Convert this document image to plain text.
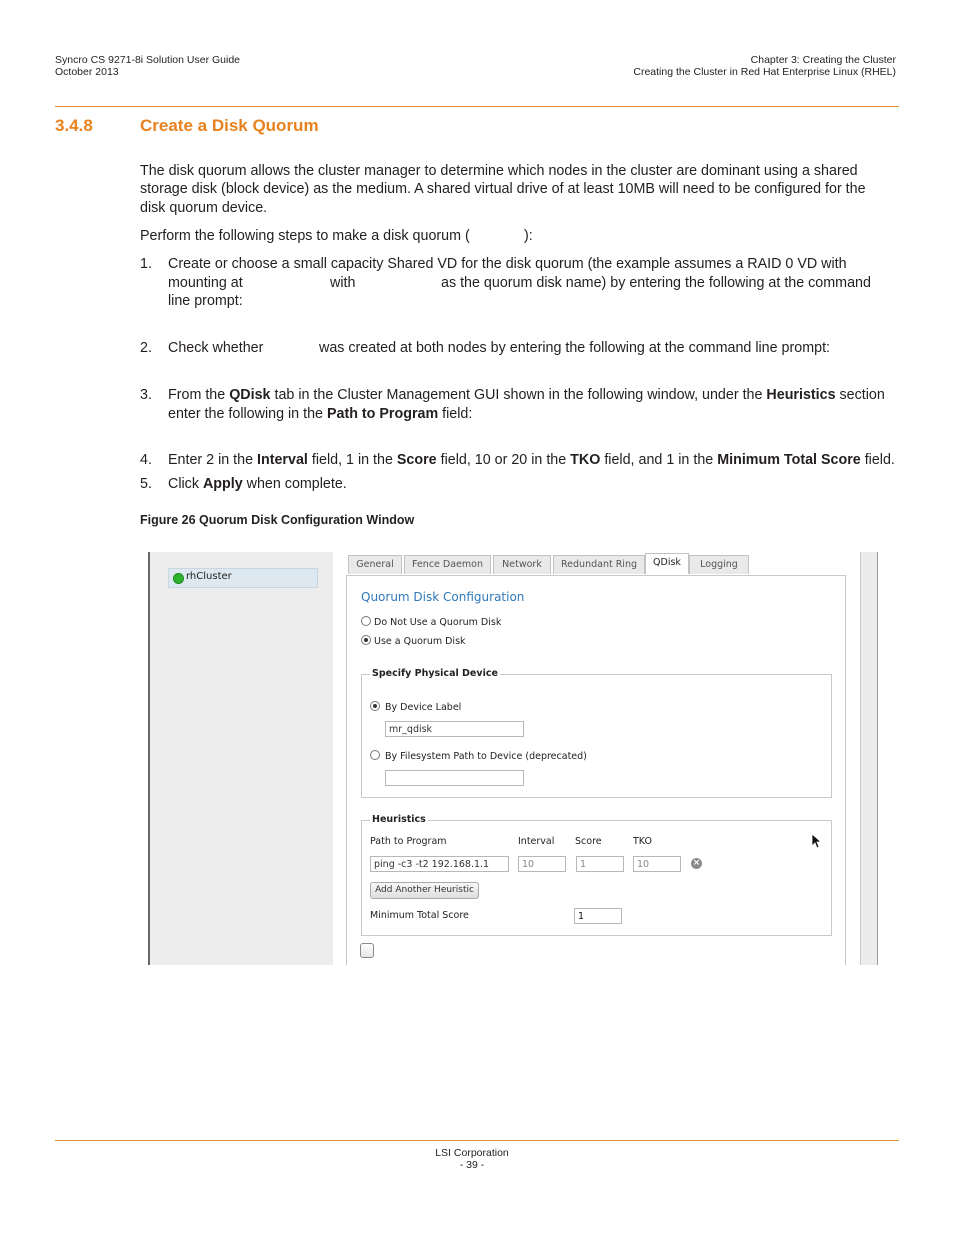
Syncro CS 9271-8i Solution User Guide
October 2013
Chapter 3: Creating the Cluster
Creating the Cluster in Red Hat Enterprise Linux (RHEL)
3.4.8	Create a Disk Quorum
The disk quorum allows the cluster manager to determine which nodes in the cluster are dominant using a shared
storage disk (block device) as the medium. A shared virtual drive of at least 10MB will need to be configured for the
disk quorum device.
Perform the following steps to make a disk quorum (	):
1. Create or choose a small capacity Shared VD for the disk quorum (the example assumes a RAID 0 VD with
mounting at	with	as the quorum disk name) by entering the following at the command
line prompt:
2. Check whether	was created at both nodes by entering the following at the command line prompt:
3. From the QDisk tab in the Cluster Management GUI shown in the following window, under the Heuristics section
enter the following in the Path to Program field:
4. Enter 2 in the Interval field, 1 in the Score field, 10 or 20 in the TKO field, and 1 in the Minimum Total Score field.
5. Click Apply when complete.
Figure 26 Quorum Disk Configuration Window
rhCluster
General	Fence Daemon	Network	Redundant Ring	QDisk	Logging
Quorum Disk Configuration
Do Not Use a Quorum Disk
Use a Quorum Disk
Specify Physical Device
By Device Label
mr_qdisk
By Filesystem Path to Device (deprecated)
Heuristics
Path to Program	Interval Score	TKO
ping -c3 -t2 192.168.1.1	10	1	10	×
Add Another Heuristic
Minimum Total Score	1
LSI Corporation
- 39 -
